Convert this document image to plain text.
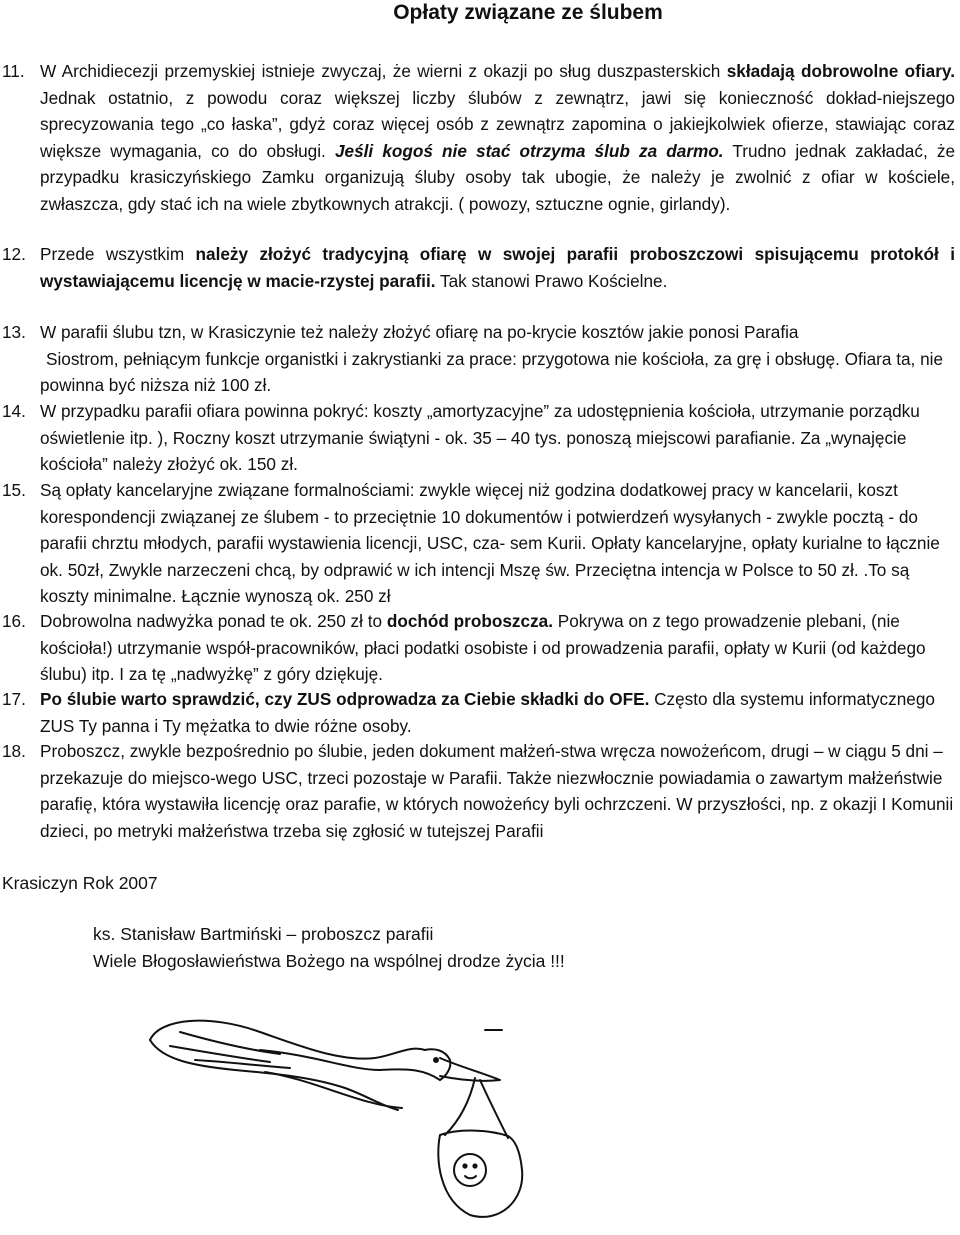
Opłaty związane ze ślubem
11. W Archidiecezji przemyskiej istnieje zwyczaj, że wierni z okazji po sług duszpasterskich składają dobrowolne ofiary. Jednak ostatnio, z powodu coraz większej liczby ślubów z zewnątrz, jawi się konieczność dokład-niejszego sprecyzowania tego „co łaska”, gdyż coraz więcej osób z zewnątrz zapomina o jakiejkolwiek ofierze, stawiając coraz większe wymagania, co do obsługi. Jeśli kogoś nie stać otrzyma ślub za darmo. Trudno jednak zakładać, że przypadku krasiczyńskiego Zamku organizują śluby osoby tak ubogie, że należy je zwolnić z ofiar w kościele, zwłaszcza, gdy stać ich na wiele zbytkownych atrakcji. ( powozy, sztuczne ognie, girlandy).
12. Przede wszystkim należy złożyć tradycyjną ofiarę w swojej parafii proboszczowi spisującemu protokół i wystawiającemu licencję w macie-rzystej parafii. Tak stanowi Prawo Kościelne.
13. W parafii ślubu tzn, w Krasiczynie też należy złożyć ofiarę na po-krycie kosztów jakie ponosi Parafia
Siostrom, pełniącym funkcje organistki i zakrystianki za prace: przygotowa nie kościoła, za grę i obsługę. Ofiara ta, nie powinna być niższa niż 100 zł.
14. W przypadku parafii ofiara powinna pokryć: koszty „amortyzacyjne” za udostępnienia kościoła, utrzymanie porządku oświetlenie itp. ), Roczny koszt utrzymanie świątyni - ok. 35 – 40 tys. ponoszą miejscowi parafianie. Za „wynajęcie kościoła” należy złożyć ok. 150 zł.
15. Są opłaty kancelaryjne związane formalnościami: zwykle więcej niż godzina dodatkowej pracy w kancelarii, koszt korespondencji związanej ze ślubem - to przeciętnie 10 dokumentów i potwierdzeń wysyłanych - zwykle pocztą - do parafii chrztu młodych, parafii wystawienia licencji, USC, cza- sem Kurii. Opłaty kancelaryjne, opłaty kurialne to łącznie ok. 50zł, Zwykle narzeczeni chcą, by odprawić w ich intencji Mszę św. Przeciętna intencja w Polsce to 50 zł. .To są koszty minimalne. Łącznie wynoszą ok. 250 zł
16. Dobrowolna nadwyżka ponad te ok. 250 zł to dochód proboszcza. Pokrywa on z tego prowadzenie plebani, (nie kościoła!) utrzymanie współ-pracowników, płaci podatki osobiste i od prowadzenia parafii, opłaty w Kurii (od każdego ślubu) itp. I za tę „nadwyżkę” z góry dziękuję.
17. Po ślubie warto sprawdzić, czy ZUS odprowadza za Ciebie składki do OFE. Często dla systemu informatycznego ZUS Ty panna i Ty mężatka to dwie różne osoby.
18. Proboszcz, zwykle bezpośrednio po ślubie, jeden dokument małżeń-stwa wręcza nowożeńcom, drugi – w ciągu 5 dni – przekazuje do miejsco-wego USC, trzeci pozostaje w Parafii. Także niezwłocznie powiadamia o zawartym małżeństwie parafię, która wystawiła licencję oraz parafie, w których nowożeńcy byli ochrzczeni. W przyszłości, np. z okazji I Komunii dzieci, po metryki małżeństwa trzeba się zgłosić w tutejszej Parafii
Krasiczyn Rok 2007
ks. Stanisław Bartmiński – proboszcz parafii
Wiele Błogosławieństwa Bożego na wspólnej drodze życia !!!
